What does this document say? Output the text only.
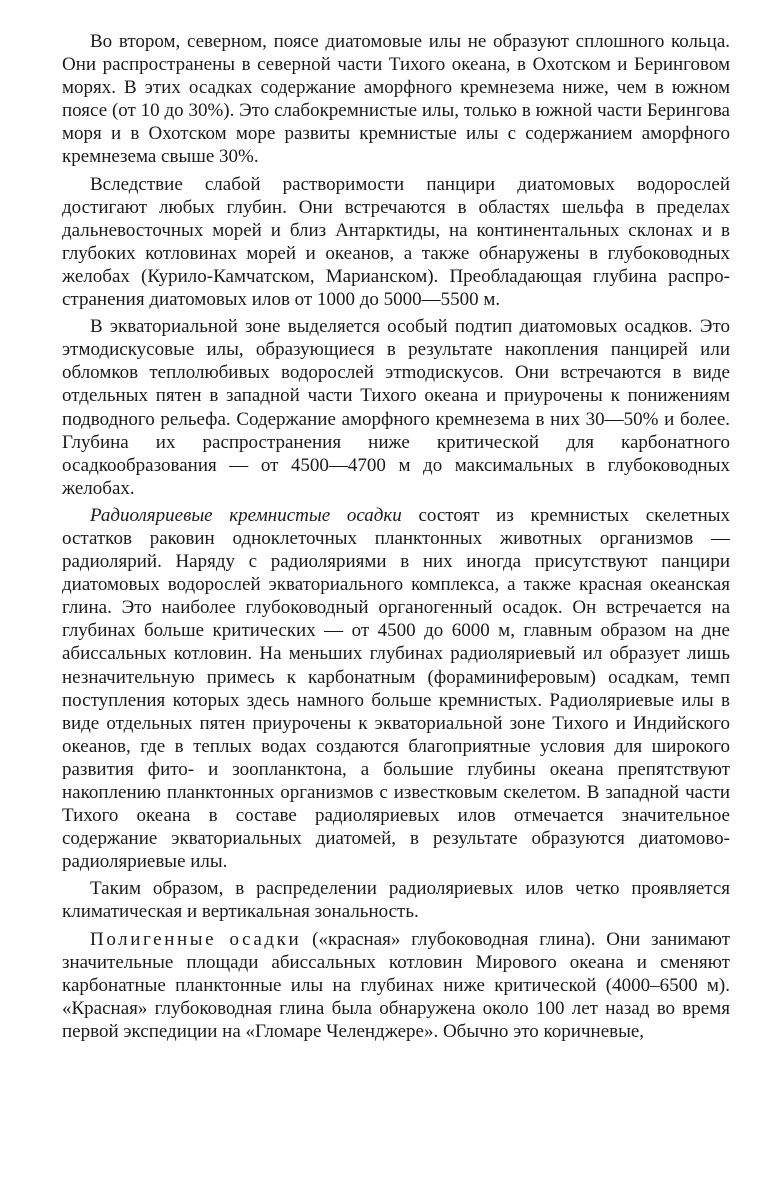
Во втором, северном, поясе диатомовые илы не образуют сплошного кольца. Они распространены в северной части Тихого океана, в Охотском и Беринговом морях. В этих осадках содержание аморфного кремнезема ниже, чем в южном поясе (от 10 до 30%). Это слабокремнистые илы, только в южной части Берингова моря и в Охотском море развиты кремнистые илы с содержанием аморфного кремнезема свыше 30%.

Вследствие слабой растворимости панцири диатомовых водорослей достигают любых глубин. Они встречаются в областях шельфа в пределах дальневосточных морей и близ Антарктиды, на континентальных склонах и в глубоких котловинах морей и океанов, а также обнаружены в глубоководных желобах (Курило-Камчатском, Марианском). Преобладающая глубина распространения диатомовых илов от 1000 до 5000—5500 м.

В экваториальной зоне выделяется особый подтип диатомовых осадков. Это этмодискусовые илы, образующиеся в результате накопления панцирей или обломков теплолюбивых водорослей этmодискусов. Они встречаются в виде отдельных пятен в западной части Тихого океана и приурочены к понижениям подводного рельефа. Содержание аморфного кремнезема в них 30—50% и более. Глубина их распространения ниже критической для карбонатного осадкообразования — от 4500—4700 м до максимальных в глубоководных желобах.

Радиоляриевые кремнистые осадки состоят из кремнистых скелетных остатков раковин одноклеточных планктонных животных организмов — радиолярий. Наряду с радиоляриями в них иногда присутствуют панцири диатомовых водорослей экваториального комплекса, а также красная океанская глина. Это наиболее глубоководный органогенный осадок. Он встречается на глубинах больше критических — от 4500 до 6000 м, главным образом на дне абиссальных котловин. На меньших глубинах радиоляриевый ил образует лишь незначительную примесь к карбонатным (фораминиферовым) осадкам, темп поступления которых здесь намного больше кремнистых. Радиоляриевые илы в виде отдельных пятен приурочены к экваториальной зоне Тихого и Индийского океанов, где в теплых водах создаются благоприятные условия для широкого развития фито- и зоопланктона, а большие глубины океана препятствуют накоплению планктонных организмов с известковым скелетом. В западной части Тихого океана в составе радиоляриевых илов отмечается значительное содержание экваториальных диатомей, в результате образуются диатомово-радиоляриевые илы.

Таким образом, в распределении радиоляриевых илов четко проявляется климатическая и вертикальная зональность.

Полигенные осадки («красная» глубоководная глина). Они занимают значительные площади абиссальных котловин Мирового океана и сменяют карбонатные планктонные илы на глубинах ниже критической (4000–6500 м). «Красная» глубоководная глина была обнаружена около 100 лет назад во время первой экспедиции на «Гломаре Челенджере». Обычно это коричневые,
